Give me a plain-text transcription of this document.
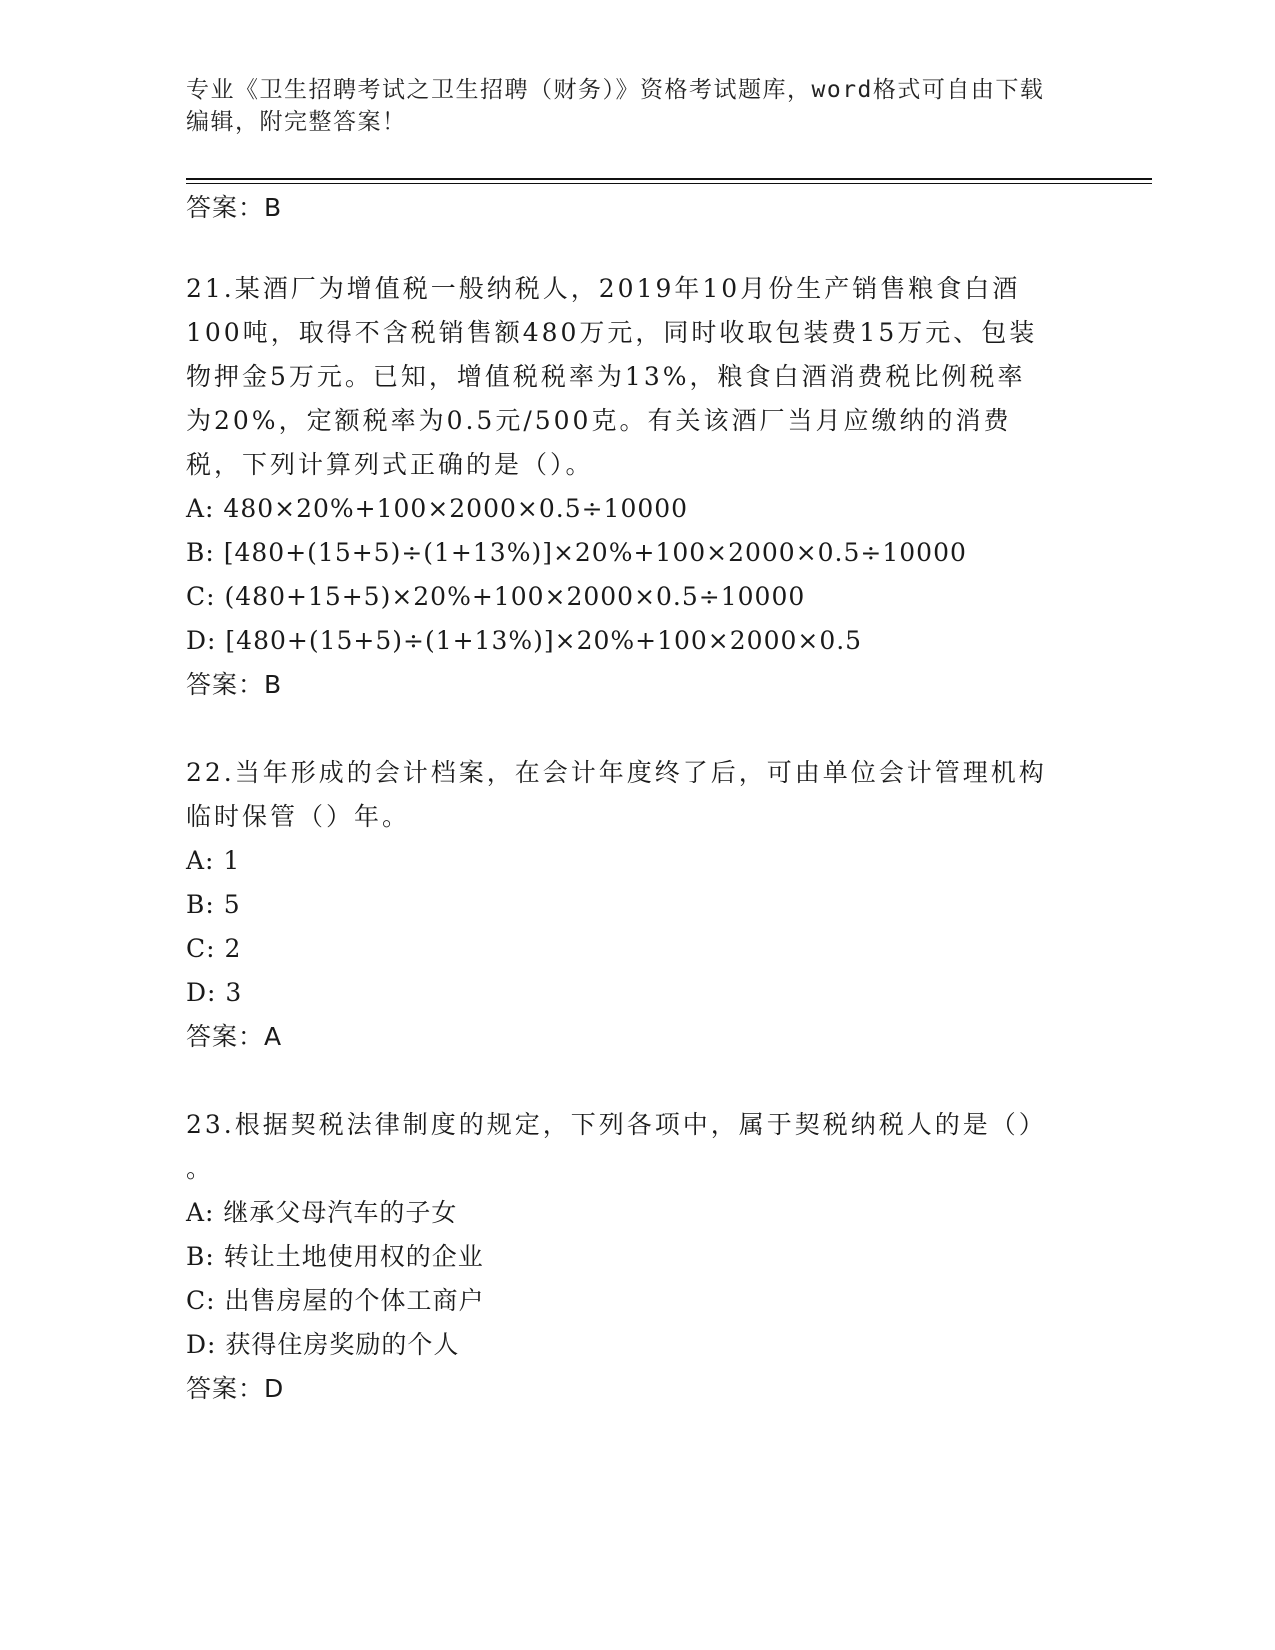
专业《卫生招聘考试之卫生招聘（财务）》资格考试题库，word格式可自由下载
编辑，附完整答案！
答案：B
21.某酒厂为增值税一般纳税人，2019年10月份生产销售粮食白酒
100吨，取得不含税销售额480万元，同时收取包装费15万元、包装
物押金5万元。已知，增值税税率为13%，粮食白酒消费税比例税率
为20%，定额税率为0.5元/500克。有关该酒厂当月应缴纳的消费
税，下列计算列式正确的是（）。
A: 480×20%+100×2000×0.5÷10000
B: [480+(15+5)÷(1+13%)]×20%+100×2000×0.5÷10000
C: (480+15+5)×20%+100×2000×0.5÷10000
D: [480+(15+5)÷(1+13%)]×20%+100×2000×0.5
答案：B
22.当年形成的会计档案，在会计年度终了后，可由单位会计管理机构
临时保管（）年。
A: 1
B: 5
C: 2
D: 3
答案：A
23.根据契税法律制度的规定，下列各项中，属于契税纳税人的是（）
。
A: 继承父母汽车的子女
B: 转让土地使用权的企业
C: 出售房屋的个体工商户
D: 获得住房奖励的个人
答案：D
